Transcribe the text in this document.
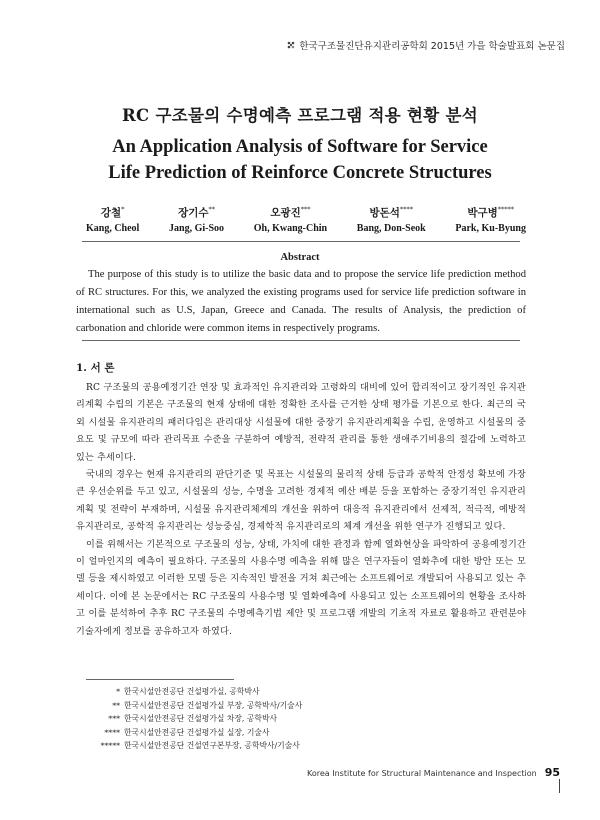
한국구조물진단유지관리공학회 2015년 가을 학술발표회 논문집
RC 구조물의 수명예측 프로그램 적용 현황 분석
An Application Analysis of Software for Service
Life Prediction of Reinforce Concrete Structures
강철*
Kang, Cheol
장기수**
Jang, Gi-Soo
오광진***
Oh, Kwang-Chin
방돈석****
Bang, Don-Seok
박구병*****
Park, Ku-Byung
Abstract
The purpose of this study is to utilize the basic data and to propose the service life prediction method of RC structures. For this, we analyzed the existing programs used for service life prediction software in international such as U.S, Japan, Greece and Canada. The results of Analysis, the prediction of carbonation and chloride were common items in respectively programs.
1. 서 론

RC 구조물의 공용예정기간 연장 및 효과적인 유지관리와 고령화의 대비에 있어 합리적이고 장기적인 유지관리계획 수립의 기본은 구조물의 현재 상태에 대한 정확한 조사를 근거한 상태 평가를 기본으로 한다. 최근의 국외 시설물 유지관리의 패러다임은 관리대상 시설물에 대한 중장기 유지관리계획을 수립, 운영하고 시설물의 중요도 및 규모에 따라 관리목표 수준을 구분하여 예방적, 전략적 관리를 통한 생애주기비용의 절감에 노력하고 있는 추세이다.

국내의 경우는 현재 유지관리의 판단기준 및 목표는 시설물의 물리적 상태 등급과 공학적 안정성 확보에 가장 큰 우선순위를 두고 있고, 시설물의 성능, 수명을 고려한 경제적 예산 배분 등을 포함하는 중장기적인 유지관리계획 및 전략이 부재하며, 시설물 유지관리체계의 개선을 위하여 대응적 유지관리에서 선제적, 적극적, 예방적 유지관리로, 공학적 유지관리는 성능중심, 경제학적 유지관리로의 체계 개선을 위한 연구가 진행되고 있다.

이를 위해서는 기본적으로 구조물의 성능, 상태, 가치에 대한 관정과 함께 열화현상을 파악하여 공용예정기간이 얼마인지의 예측이 필요하다. 구조물의 사용수명 예측을 위해 많은 연구자들이 열화추에 대한 방안 또는 모델 등을 제시하였고 이러한 모델 등은 지속적인 발전을 거쳐 최근에는 소프트웨어로 개발되어 사용되고 있는 추세이다. 이에 본 논문에서는 RC 구조물의 사용수명 및 열화예측에 사용되고 있는 소프트웨어의 현황을 조사하고 이를 분석하여 추후 RC 구조물의 수명예측기법 제안 및 프로그램 개발의 기초적 자료로 활용하고 관련분야 기술자에게 정보를 공유하고자 하였다.

* 한국시설안전공단 건설평가실, 공학박사
** 한국시설안전공단 건설평가실 부장, 공학박사/기술사
*** 한국시설안전공단 건설평가실 차장, 공학박사
**** 한국시설안전공단 건설평가실 실장, 기술사
***** 한국시설안전공단 건설연구본부장, 공학박사/기술사
Korea Institute for Structural Maintenance and Inspection 95
